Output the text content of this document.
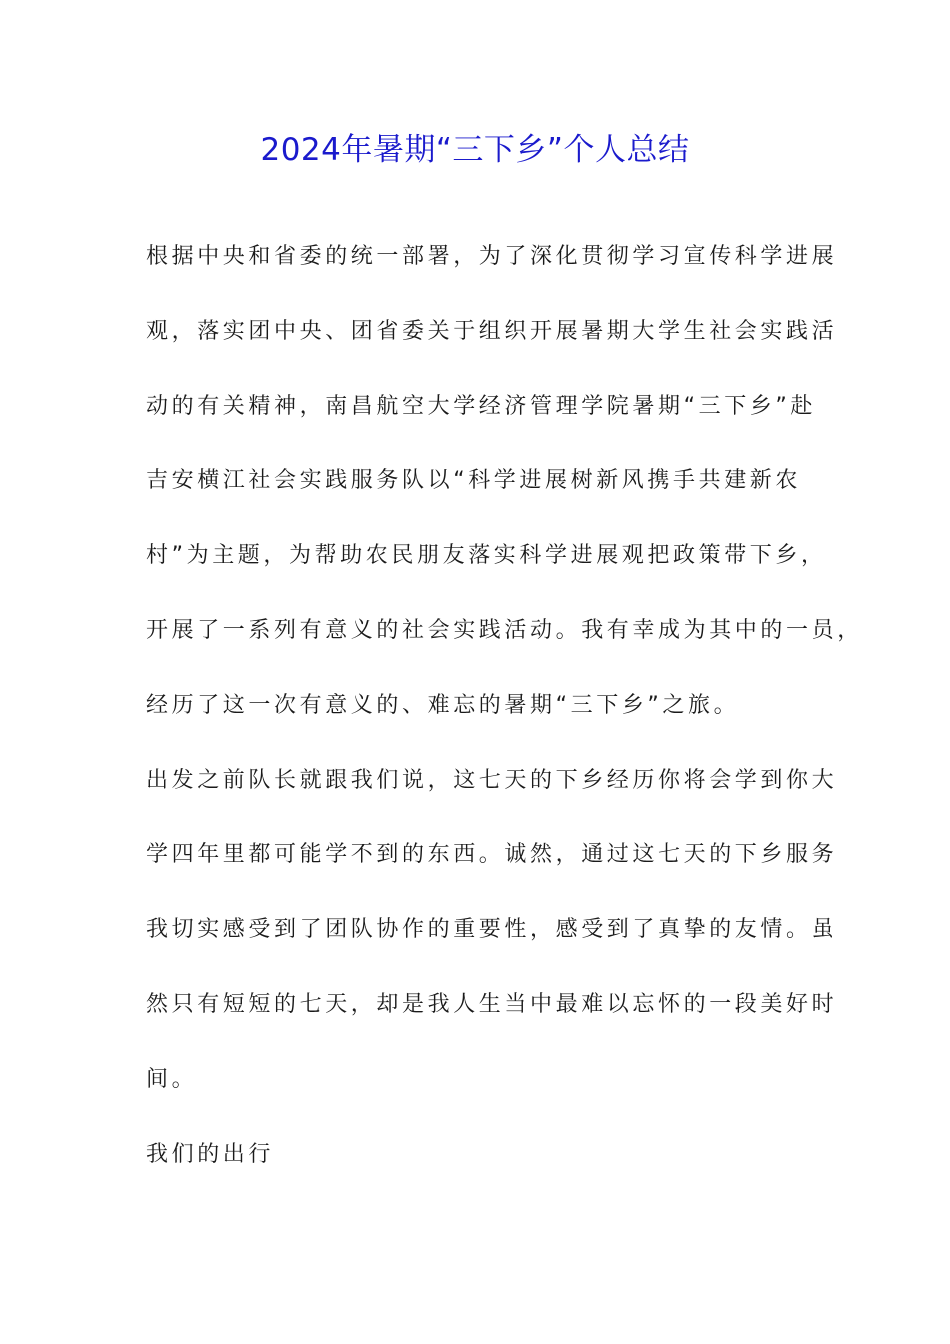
2024年暑期“三下乡”个人总结
根据中央和省委的统一部署，为了深化贯彻学习宣传科学进展
观，落实团中央、团省委关于组织开展暑期大学生社会实践活
动的有关精神，南昌航空大学经济管理学院暑期“三下乡”赴
吉安横江社会实践服务队以“科学进展树新风携手共建新农
村”为主题，为帮助农民朋友落实科学进展观把政策带下乡，
开展了一系列有意义的社会实践活动。我有幸成为其中的一员，
经历了这一次有意义的、难忘的暑期“三下乡”之旅。
出发之前队长就跟我们说，这七天的下乡经历你将会学到你大
学四年里都可能学不到的东西。诚然，通过这七天的下乡服务
我切实感受到了团队协作的重要性，感受到了真挚的友情。虽
然只有短短的七天，却是我人生当中最难以忘怀的一段美好时
间。
我们的出行
